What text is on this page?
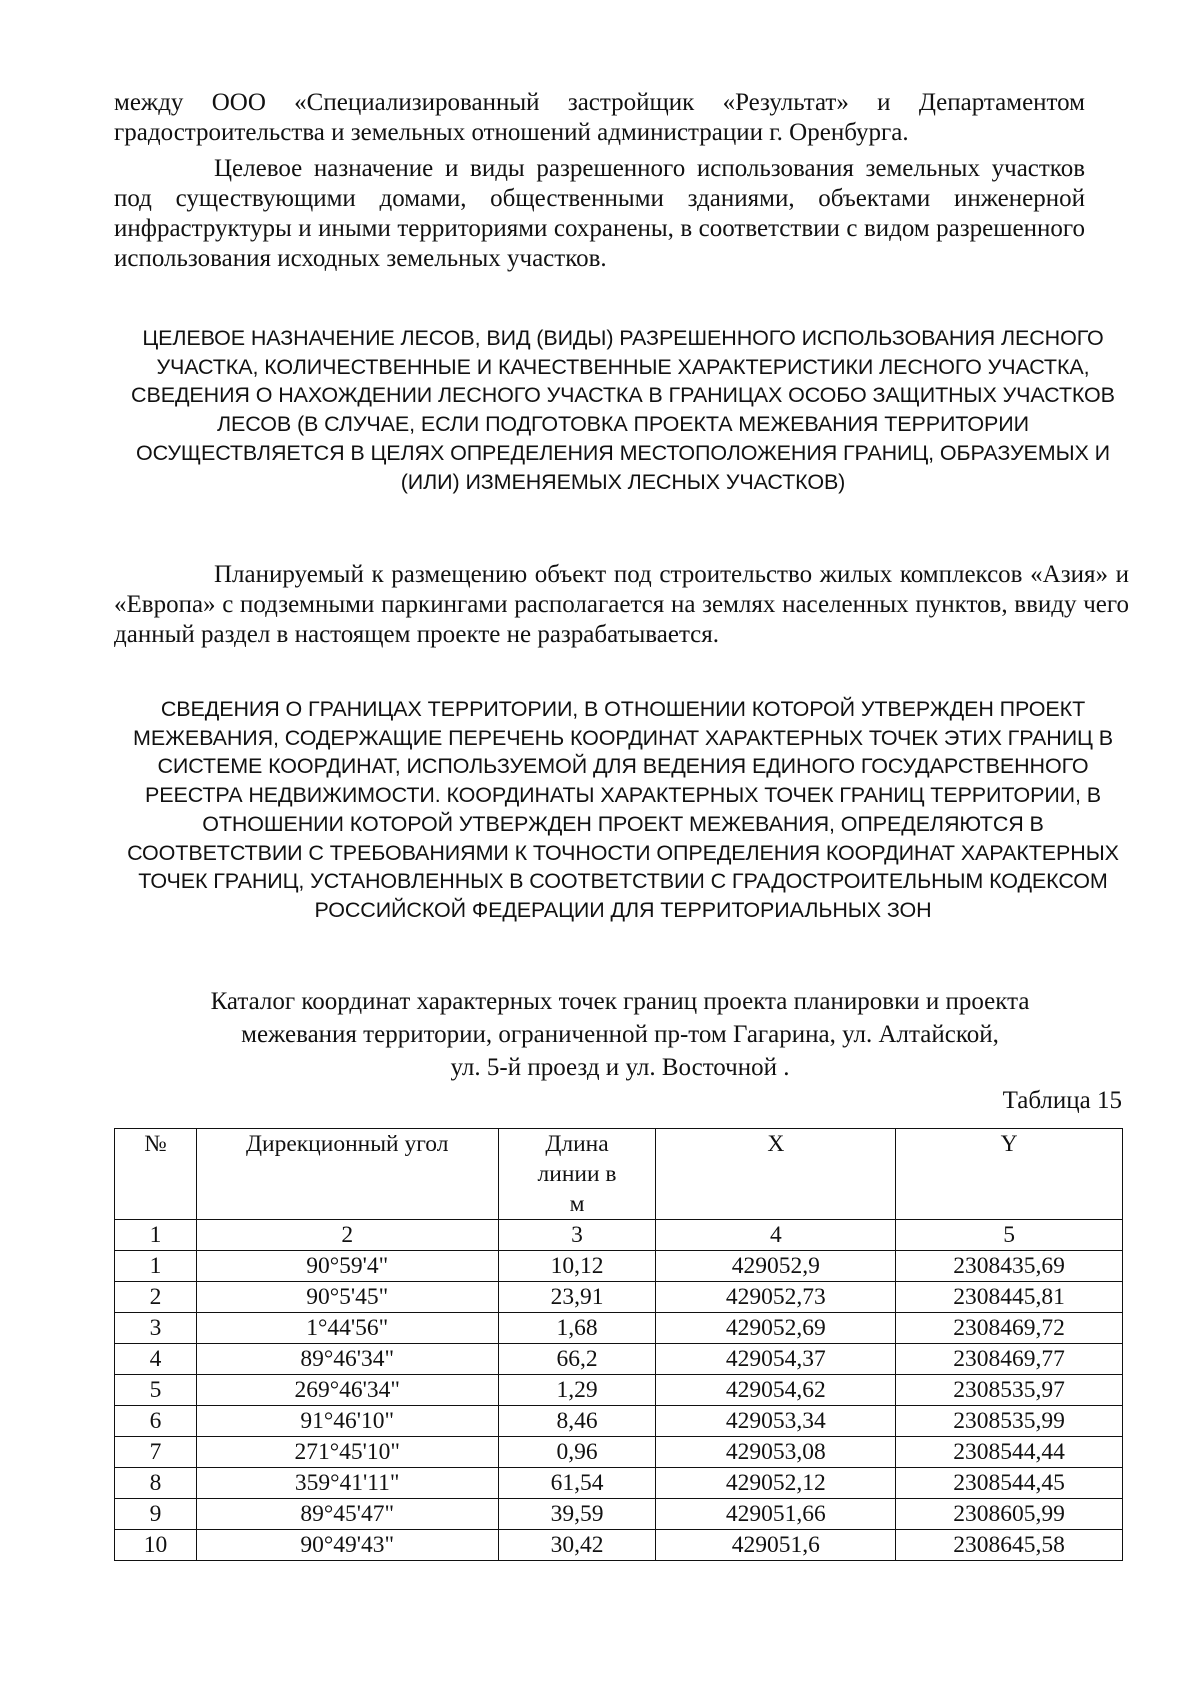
между ООО «Специализированный застройщик «Результат» и Департаментом градостроительства и земельных отношений администрации г. Оренбурга.

Целевое назначение и виды разрешенного использования земельных участков под существующими домами, общественными зданиями, объектами инженерной инфраструктуры и иными территориями сохранены, в соответствии с видом разрешенного использования исходных земельных участков.

ЦЕЛЕВОЕ НАЗНАЧЕНИЕ ЛЕСОВ, ВИД (ВИДЫ) РАЗРЕШЕННОГО ИСПОЛЬЗОВАНИЯ ЛЕСНОГО УЧАСТКА, КОЛИЧЕСТВЕННЫЕ И КАЧЕСТВЕННЫЕ ХАРАКТЕРИСТИКИ ЛЕСНОГО УЧАСТКА, СВЕДЕНИЯ О НАХОЖДЕНИИ ЛЕСНОГО УЧАСТКА В ГРАНИЦАХ ОСОБО ЗАЩИТНЫХ УЧАСТКОВ ЛЕСОВ (В СЛУЧАЕ, ЕСЛИ ПОДГОТОВКА ПРОЕКТА МЕЖЕВАНИЯ ТЕРРИТОРИИ ОСУЩЕСТВЛЯЕТСЯ В ЦЕЛЯХ ОПРЕДЕЛЕНИЯ МЕСТОПОЛОЖЕНИЯ ГРАНИЦ, ОБРАЗУЕМЫХ И (ИЛИ) ИЗМЕНЯЕМЫХ ЛЕСНЫХ УЧАСТКОВ)

Планируемый к размещению объект под строительство жилых комплексов «Азия» и «Европа» с подземными паркингами располагается на землях населенных пунктов, ввиду чего данный раздел в настоящем проекте не разрабатывается.

СВЕДЕНИЯ О ГРАНИЦАХ ТЕРРИТОРИИ, В ОТНОШЕНИИ КОТОРОЙ УТВЕРЖДЕН ПРОЕКТ МЕЖЕВАНИЯ, СОДЕРЖАЩИЕ ПЕРЕЧЕНЬ КООРДИНАТ ХАРАКТЕРНЫХ ТОЧЕК ЭТИХ ГРАНИЦ В СИСТЕМЕ КООРДИНАТ, ИСПОЛЬЗУЕМОЙ ДЛЯ ВЕДЕНИЯ ЕДИНОГО ГОСУДАРСТВЕННОГО РЕЕСТРА НЕДВИЖИМОСТИ. КООРДИНАТЫ ХАРАКТЕРНЫХ ТОЧЕК ГРАНИЦ ТЕРРИТОРИИ, В ОТНОШЕНИИ КОТОРОЙ УТВЕРЖДЕН ПРОЕКТ МЕЖЕВАНИЯ, ОПРЕДЕЛЯЮТСЯ В СООТВЕТСТВИИ С ТРЕБОВАНИЯМИ К ТОЧНОСТИ ОПРЕДЕЛЕНИЯ КООРДИНАТ ХАРАКТЕРНЫХ ТОЧЕК ГРАНИЦ, УСТАНОВЛЕННЫХ В СООТВЕТСТВИИ С ГРАДОСТРОИТЕЛЬНЫМ КОДЕКСОМ РОССИЙСКОЙ ФЕДЕРАЦИИ ДЛЯ ТЕРРИТОРИАЛЬНЫХ ЗОН

Каталог координат характерных точек границ проекта планировки и проекта
межевания территории, ограниченной пр-том Гагарина, ул. Алтайской,
ул. 5-й проезд и ул. Восточной .

Таблица 15

№	Дирекционный угол	Длина линии в м	X	Y
1	2	3	4	5
1	90°59'4"	10,12	429052,9	2308435,69
2	90°5'45"	23,91	429052,73	2308445,81
3	1°44'56"	1,68	429052,69	2308469,72
4	89°46'34"	66,2	429054,37	2308469,77
5	269°46'34"	1,29	429054,62	2308535,97
6	91°46'10"	8,46	429053,34	2308535,99
7	271°45'10"	0,96	429053,08	2308544,44
8	359°41'11"	61,54	429052,12	2308544,45
9	89°45'47"	39,59	429051,66	2308605,99
10	90°49'43"	30,42	429051,6	2308645,58
